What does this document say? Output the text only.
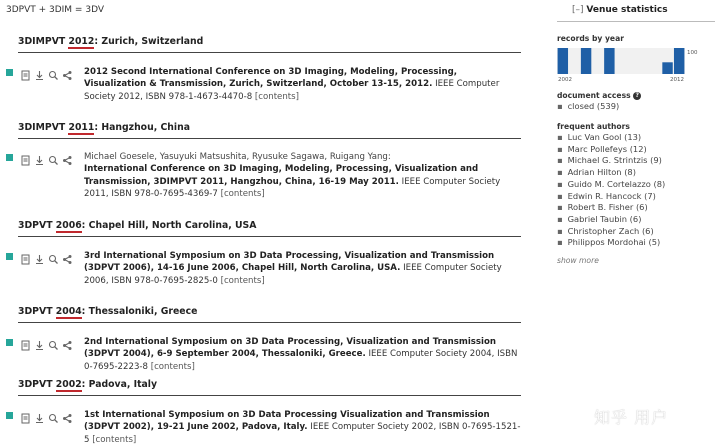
3DPVT + 3DIM = 3DV
3DIMPVT 2012: Zurich, Switzerland
2012 Second International Conference on 3D Imaging, Modeling, Processing, Visualization & Transmission, Zurich, Switzerland, October 13-15, 2012. IEEE Computer Society 2012, ISBN 978-1-4673-4470-8 [contents]
3DIMPVT 2011: Hangzhou, China
Michael Goesele, Yasuyuki Matsushita, Ryusuke Sagawa, Ruigang Yang:
International Conference on 3D Imaging, Modeling, Processing, Visualization and Transmission, 3DIMPVT 2011, Hangzhou, China, 16-19 May 2011. IEEE Computer Society 2011, ISBN 978-0-7695-4369-7 [contents]
3DPVT 2006: Chapel Hill, North Carolina, USA
3rd International Symposium on 3D Data Processing, Visualization and Transmission (3DPVT 2006), 14-16 June 2006, Chapel Hill, North Carolina, USA. IEEE Computer Society 2006, ISBN 978-0-7695-2825-0 [contents]
3DPVT 2004: Thessaloniki, Greece
2nd International Symposium on 3D Data Processing, Visualization and Transmission (3DPVT 2004), 6-9 September 2004, Thessaloniki, Greece. IEEE Computer Society 2004, ISBN 0-7695-2223-8 [contents]
3DPVT 2002: Padova, Italy
1st International Symposium on 3D Data Processing Visualization and Transmission (3DPVT 2002), 19-21 June 2002, Padova, Italy. IEEE Computer Society 2002, ISBN 0-7695-1521-5 [contents]
[–] Venue statistics
records by year
2002	2012
100
document access ?
▪ closed (539)
frequent authors
▪ Luc Van Gool (13)
▪ Marc Pollefeys (12)
▪ Michael G. Strintzis (9)
▪ Adrian Hilton (8)
▪ Guido M. Cortelazzo (8)
▪ Edwin R. Hancock (7)
▪ Robert B. Fisher (6)
▪ Gabriel Taubin (6)
▪ Christopher Zach (6)
▪ Philippos Mordohai (5)
show more
知乎 用户
